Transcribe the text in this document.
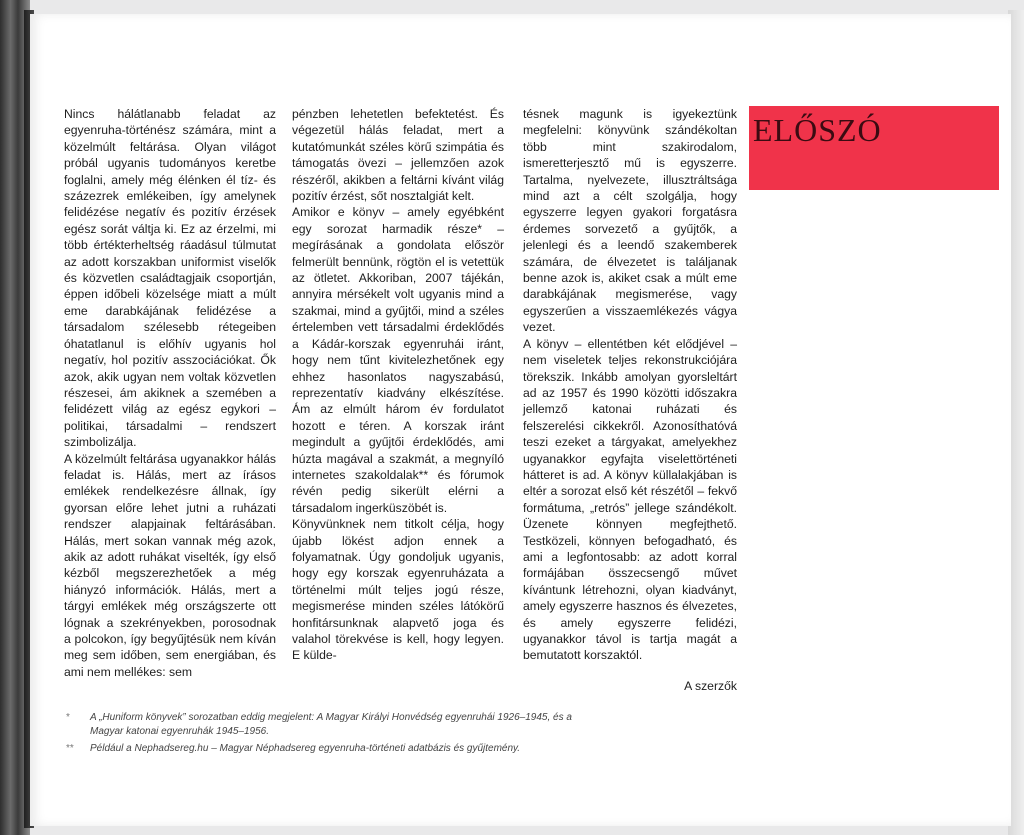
Nincs hálátlanabb feladat az egyenruha-történész számára, mint a közelmúlt feltárása. Olyan világot próbál ugyanis tudományos keretbe foglalni, amely még élénken él tíz- és százezrek emlékeiben, így amelynek felidézése negatív és pozitív érzések egész sorát váltja ki. Ez az érzelmi, mi több értékterheltség ráadásul túlmutat az adott korszakban uniformist viselők és közvetlen családtagjaik csoportján, éppen időbeli közelsége miatt a múlt eme darabkájának felidézése a társadalom szélesebb rétegeiben óhatatlanul is előhív ugyanis hol negatív, hol pozitív asszociációkat. Ők azok, akik ugyan nem voltak közvetlen részesei, ám akiknek a szemében a felidézett világ az egész egykori – politikai, társadalmi – rendszert szimbolizálja.

A közelmúlt feltárása ugyanakkor hálás feladat is. Hálás, mert az írásos emlékek rendelkezésre állnak, így gyorsan előre lehet jutni a ruházati rendszer alapjainak feltárásában. Hálás, mert sokan vannak még azok, akik az adott ruhákat viselték, így első kézből megszerezhetőek a még hiányzó információk. Hálás, mert a tárgyi emlékek még országszerte ott lógnak a szekrényekben, porosodnak a polcokon, így begyűjtésük nem kíván meg sem időben, sem energiában, és ami nem mellékes: sem

pénzben lehetetlen befektetést. És végezetül hálás feladat, mert a kutatómunkát széles körű szimpátia és támogatás övezi – jellemzően azok részéről, akikben a feltárni kívánt világ pozitív érzést, sőt nosztalgiát kelt.

Amikor e könyv – amely egyébként egy sorozat harmadik része* – megírásának a gondolata először felmerült bennünk, rögtön el is vetettük az ötletet. Akkoriban, 2007 tájékán, annyira mérsékelt volt ugyanis mind a szakmai, mind a gyűjtői, mind a széles értelemben vett társadalmi érdeklődés a Kádár-korszak egyenruhái iránt, hogy nem tűnt kivitelezhetőnek egy ehhez hasonlatos nagyszabású, reprezentatív kiadvány elkészítése. Ám az elmúlt három év fordulatot hozott e téren. A korszak iránt megindult a gyűjtői érdeklődés, ami húzta magával a szakmát, a megnyíló internetes szakoldalak** és fórumok révén pedig sikerült elérni a társadalom ingerküszöbét is.

Könyvünknek nem titkolt célja, hogy újabb lökést adjon ennek a folyamatnak. Úgy gondoljuk ugyanis, hogy egy korszak egyenruházata a történelmi múlt teljes jogú része, megismerése minden széles látókörű honfitársunknak alapvető joga és valahol törekvése is kell, hogy legyen. E külde-

tésnek magunk is igyekeztünk megfelelni: könyvünk szándékoltan több mint szakirodalom, ismeretterjesztő mű is egyszerre. Tartalma, nyelvezete, illusztráltsága mind azt a célt szolgálja, hogy egyszerre legyen gyakori forgatásra érdemes sorvezető a gyűjtők, a jelenlegi és a leendő szakemberek számára, de élvezetet is találjanak benne azok is, akiket csak a múlt eme darabkájának megismerése, vagy egyszerűen a visszaemlékezés vágya vezet.

A könyv – ellentétben két elődjével – nem viseletek teljes rekonstrukciójára törekszik. Inkább amolyan gyorsleltárt ad az 1957 és 1990 közötti időszakra jellemző katonai ruházati és felszerelési cikkekről. Azonosíthatóvá teszi ezeket a tárgyakat, amelyekhez ugyanakkor egyfajta viselettörténeti hátteret is ad. A könyv küllalakjában is eltér a sorozat első két részétől – fekvő formátuma, „retrós” jellege szándékolt. Üzenete könnyen megfejthető. Testközeli, könnyen befogadható, és ami a legfontosabb: az adott korral formájában összecsengő művet kívántunk létrehozni, olyan kiadványt, amely egyszerre hasznos és élvezetes, és amely egyszerre felidézi, ugyanakkor távol is tartja magát a bemutatott korszaktól.

A szerzők

ELŐSZÓ
*	A „Huniform könyvek” sorozatban eddig megjelent: A Magyar Királyi Honvédség egyenruhái 1926–1945, és a Magyar katonai egyenruhák 1945–1956.
**	Például a Nephadsereg.hu – Magyar Néphadsereg egyenruha-történeti adatbázis és gyűjtemény.
